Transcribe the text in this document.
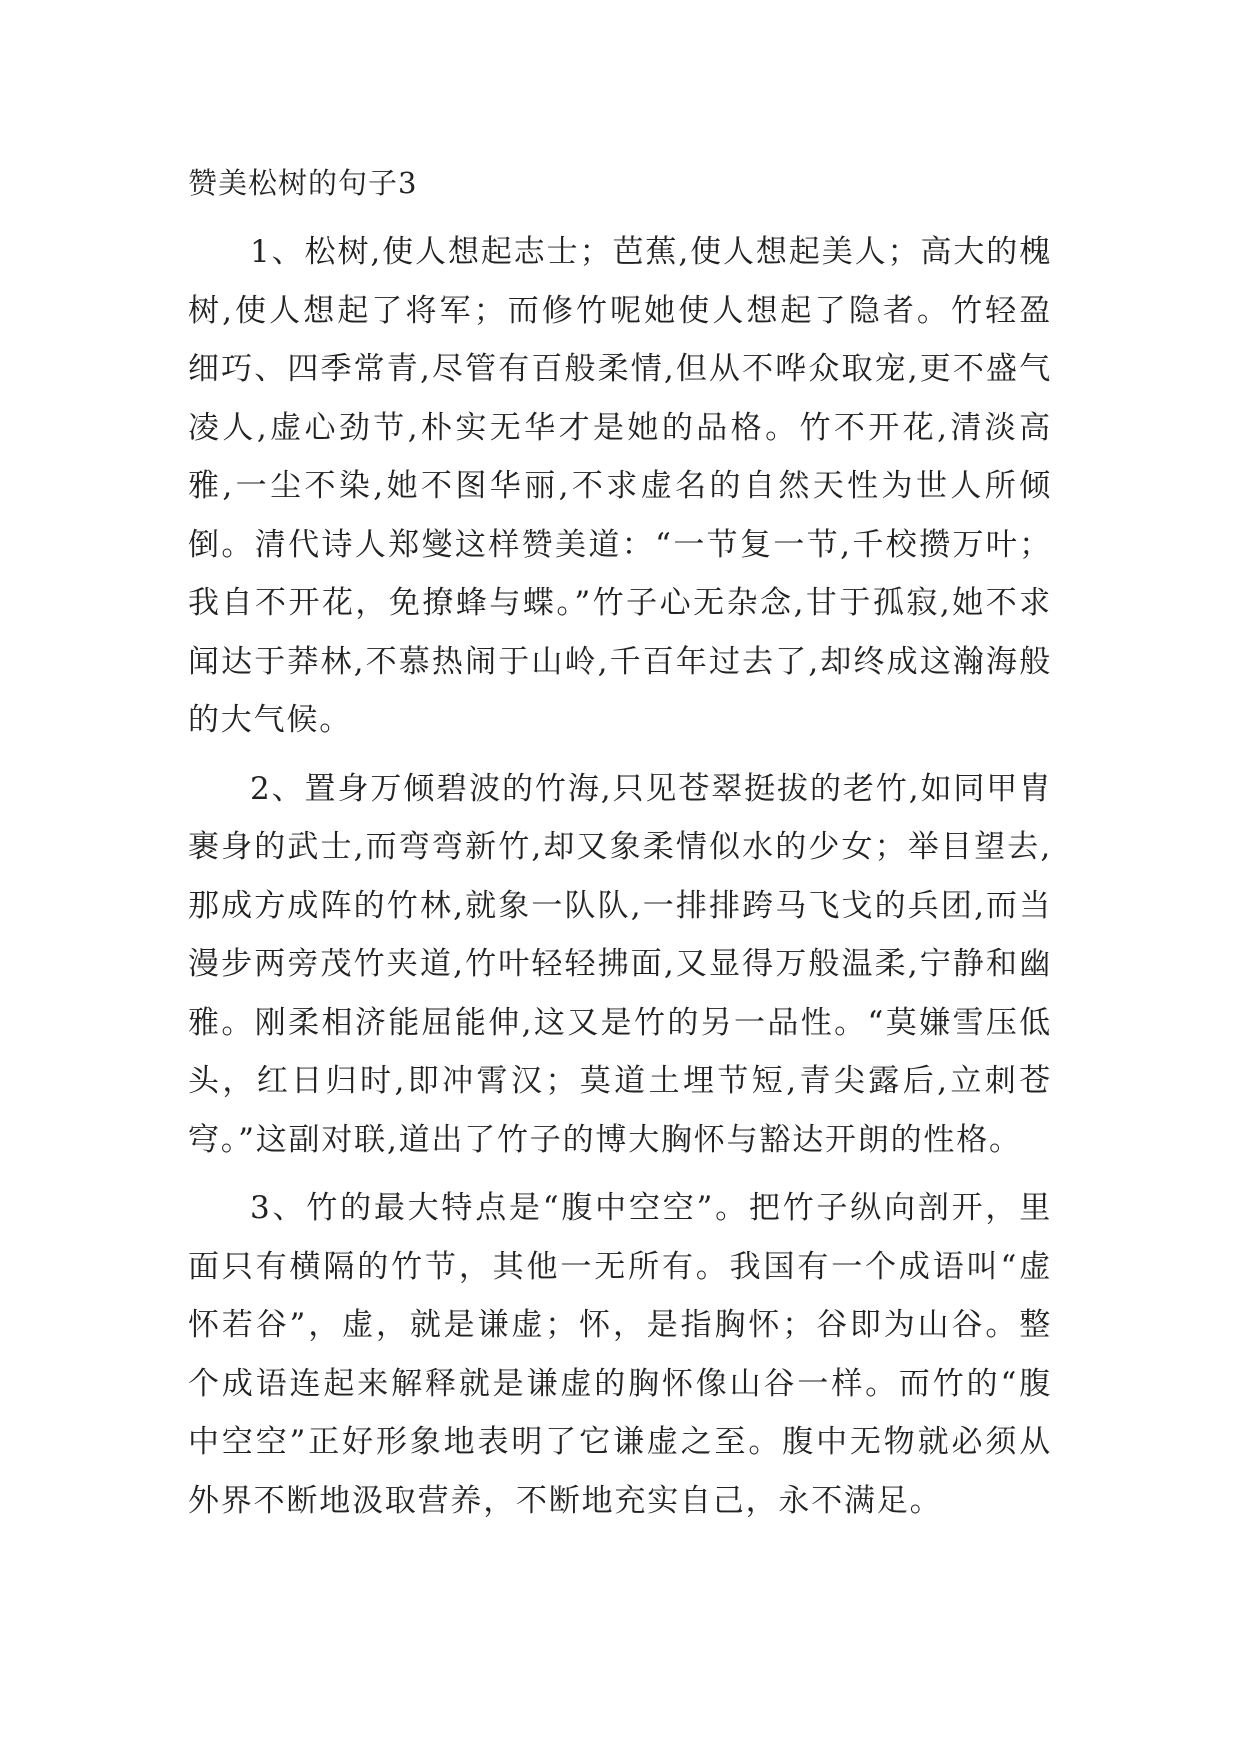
赞美松树的句子3

1、松树,使人想起志士；芭蕉,使人想起美人；高大的槐树,使人想起了将军；而修竹呢她使人想起了隐者。竹轻盈细巧、四季常青,尽管有百般柔情,但从不哗众取宠,更不盛气凌人,虚心劲节,朴实无华才是她的品格。竹不开花,清淡高雅,一尘不染,她不图华丽,不求虚名的自然天性为世人所倾倒。清代诗人郑燮这样赞美道：“一节复一节,千校攒万叶；我自不开花，免撩蜂与蝶。”竹子心无杂念,甘于孤寂,她不求闻达于莽林,不慕热闹于山岭,千百年过去了,却终成这瀚海般的大气候。

2、置身万倾碧波的竹海,只见苍翠挺拔的老竹,如同甲胄裹身的武士,而弯弯新竹,却又象柔情似水的少女；举目望去,那成方成阵的竹林,就象一队队,一排排跨马飞戈的兵团,而当漫步两旁茂竹夹道,竹叶轻轻拂面,又显得万般温柔,宁静和幽雅。刚柔相济能屈能伸,这又是竹的另一品性。“莫嫌雪压低头，红日归时,即冲霄汉；莫道土埋节短,青尖露后,立刺苍穹。”这副对联,道出了竹子的博大胸怀与豁达开朗的性格。

3、竹的最大特点是“腹中空空”。把竹子纵向剖开，里面只有横隔的竹节，其他一无所有。我国有一个成语叫“虚怀若谷”，虚，就是谦虚；怀，是指胸怀；谷即为山谷。整个成语连起来解释就是谦虚的胸怀像山谷一样。而竹的“腹中空空”正好形象地表明了它谦虚之至。腹中无物就必须从外界不断地汲取营养，不断地充实自己，永不满足。
